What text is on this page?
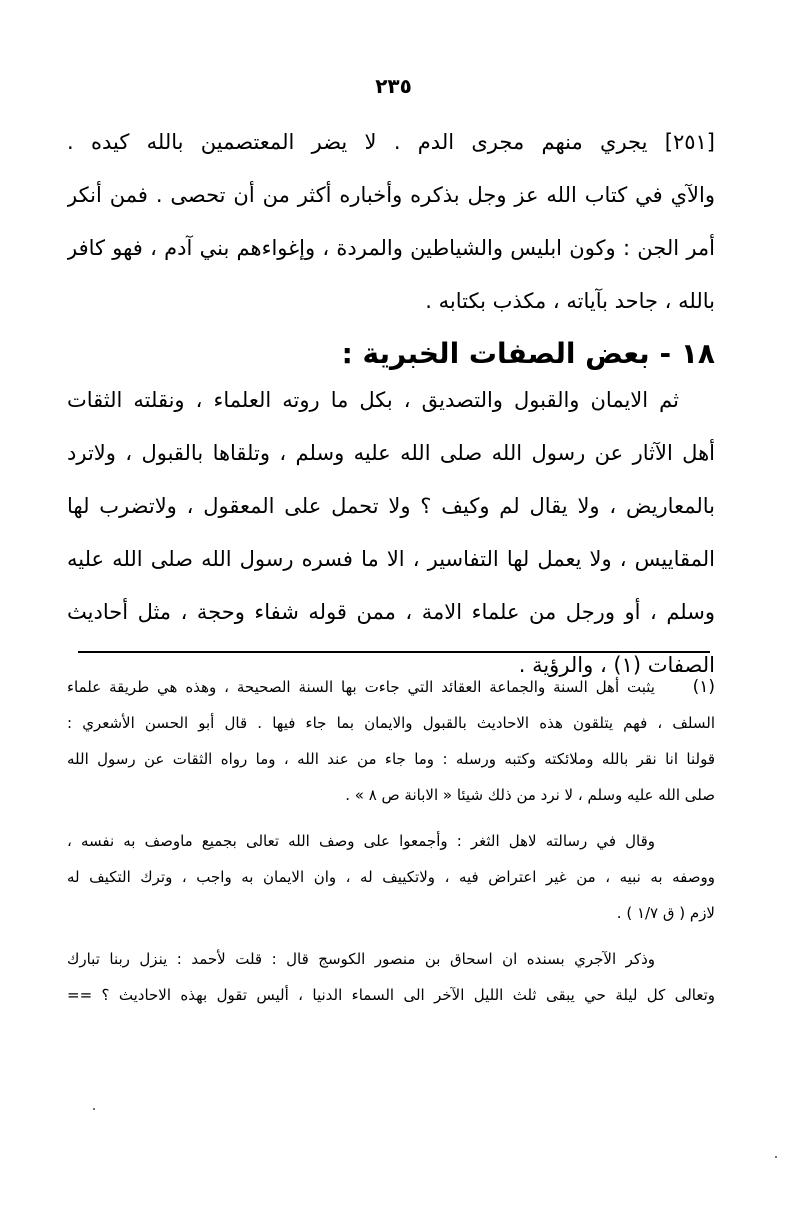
٢٣٥
[٢٥١] يجري منهم مجرى الدم . لا يضر المعتصمين بالله كيده .
والآي في كتاب الله عز وجل بذكره وأخباره أكثر من أن تحصى . فمن أنكر
أمر الجن : وكون ابليس والشياطين والمردة ، وإغواءهم بني آدم ، فهو كافر
بالله ، جاحد بآياته ، مكذب بكتابه .
١٨ - بعض الصفات الخبرية :
ثم الايمان والقبول والتصديق ، بكل ما روته العلماء ، ونقلته الثقات
أهل الآثار عن رسول الله صلى الله عليه وسلم ، وتلقاها بالقبول ، ولاترد
بالمعاريض ، ولا يقال لم وكيف ؟ ولا تحمل على المعقول ، ولاتضرب لها
المقاييس ، ولا يعمل لها التفاسير ، الا ما فسره رسول الله صلى الله عليه
وسلم ، أو ورجل من علماء الامة ، ممن قوله شفاء وحجة ، مثل أحاديث
الصفات (١) ، والرؤية .
(١)
يثبت أهل السنة والجماعة العقائد التي جاءت بها السنة الصحيحة ، وهذه هي طريقة علماء
السلف ، فهم يتلقون هذه الاحاديث بالقبول والايمان بما جاء فيها . قال أبو الحسن الأشعري :
قولنا انا نقر بالله وملائكته وكتبه ورسله : وما جاء من عند الله ، وما رواه الثقات عن رسول الله
صلى الله عليه وسلم ، لا نرد من ذلك شيئا « الابانة ص ٨ » .
وقال في رسالته لاهل الثغر : وأجمعوا على وصف الله تعالى بجميع ماوصف به نفسه ،
ووصفه به نبيه ، من غير اعتراض فيه ، ولاتكييف له ، وان الايمان به واجب ، وترك التكيف له
لازم ( ق ١/٧ ) .
وذكر الآجري بسنده ان اسحاق بن منصور الكوسج قال : قلت لأحمد : ينزل ربنا تبارك
وتعالى كل ليلة حي يبقى ثلث الليل الآخر الى السماء الدنيا ، أليس تقول بهذه الاحاديث ؟ ==
